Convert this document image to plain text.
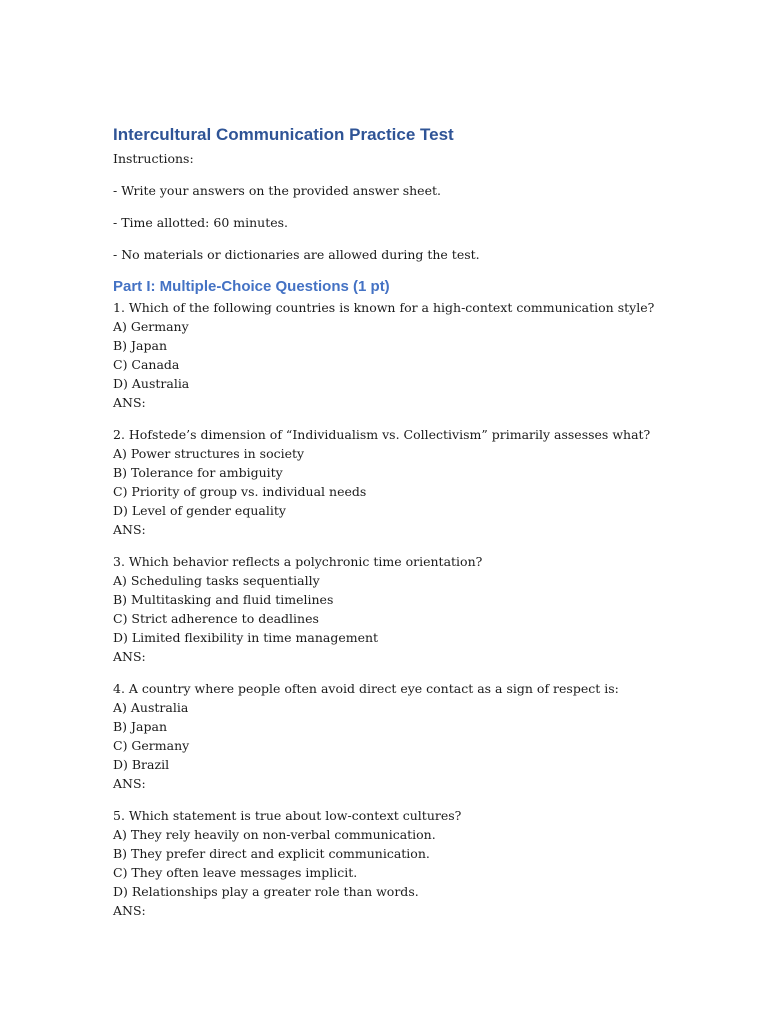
Intercultural Communication Practice Test

Instructions:

- Write your answers on the provided answer sheet.

- Time allotted: 60 minutes.

- No materials or dictionaries are allowed during the test.

Part I: Multiple-Choice Questions (1 pt)

1. Which of the following countries is known for a high-context communication style?

A) Germany

B) Japan

C) Canada

D) Australia

ANS:

2. Hofstede’s dimension of “Individualism vs. Collectivism” primarily assesses what?

A) Power structures in society

B) Tolerance for ambiguity

C) Priority of group vs. individual needs

D) Level of gender equality

ANS:

3. Which behavior reflects a polychronic time orientation?

A) Scheduling tasks sequentially

B) Multitasking and fluid timelines

C) Strict adherence to deadlines

D) Limited flexibility in time management

ANS:

4. A country where people often avoid direct eye contact as a sign of respect is:

A) Australia

B) Japan

C) Germany

D) Brazil

ANS:

5. Which statement is true about low-context cultures?

A) They rely heavily on non-verbal communication.

B) They prefer direct and explicit communication.

C) They often leave messages implicit.

D) Relationships play a greater role than words.

ANS:
